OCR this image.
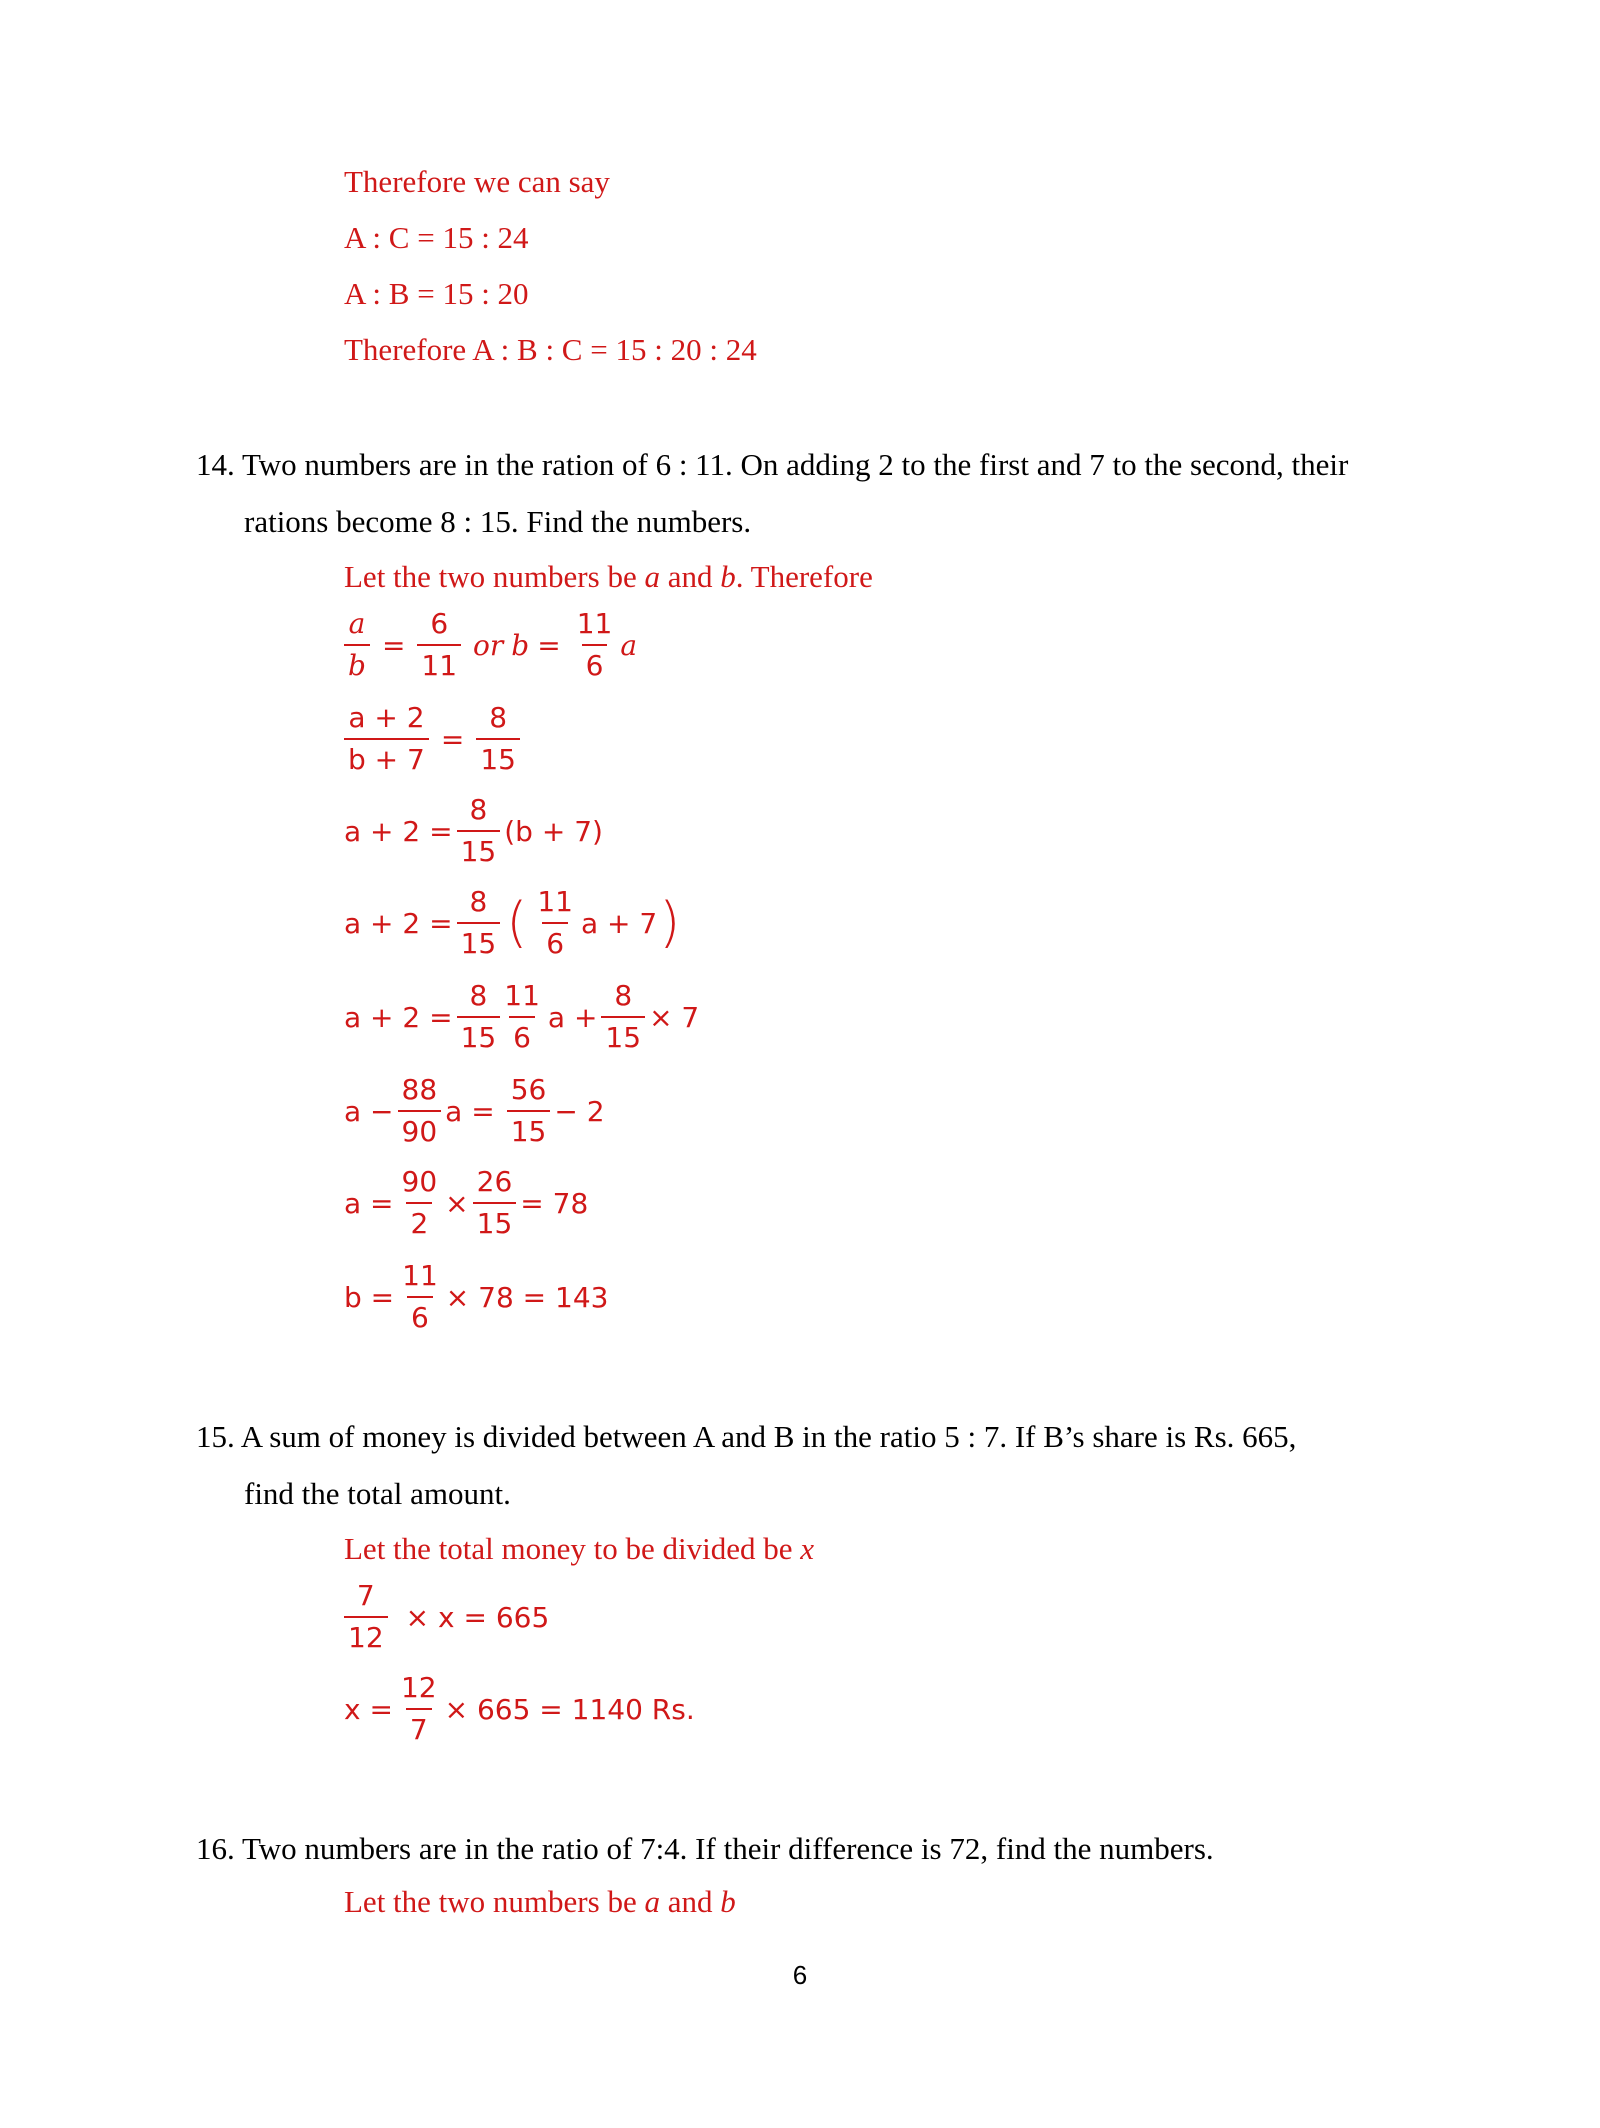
Therefore we can say
A : C = 15 : 24
A : B = 15 : 20
Therefore A : B : C = 15 : 20 : 24
14. Two numbers are in the ration of 6 : 11. On adding 2 to the first and 7 to the second, their
rations become 8 : 15. Find the numbers.
Let the two numbers be a and b. Therefore
$\frac{a}{b} = \frac{6}{11}$ or $b = \frac{11}{6}$ a
$\frac{a + 2}{b + 7} = \frac{8}{15}$
$a + 2 = \frac{8}{15} (b + 7)$
$a + 2 = \frac{8}{15}$ ( $\frac{11}{6}$ a + 7 )
$a + 2 = \frac{8}{15} \frac{11}{6}$ $a + \frac{8}{15} \times 7$
$a - \frac{88}{90}$ $a = \frac{56}{15} - 2$
$a = \frac{90}{2} \times \frac{26}{15} = 78$
$b = \frac{11}{6} \times 78 = 143$
15. A sum of money is divided between A and B in the ratio 5 : 7. If B’s share is Rs. 665,
find the total amount.
Let the total money to be divided be x
$\frac{7}{12} \times x = 665$
$x = \frac{12}{7} \times 665 = 1140$ Rs.
16. Two numbers are in the ratio of 7:4. If their difference is 72, find the numbers.
Let the two numbers be a and b
6
